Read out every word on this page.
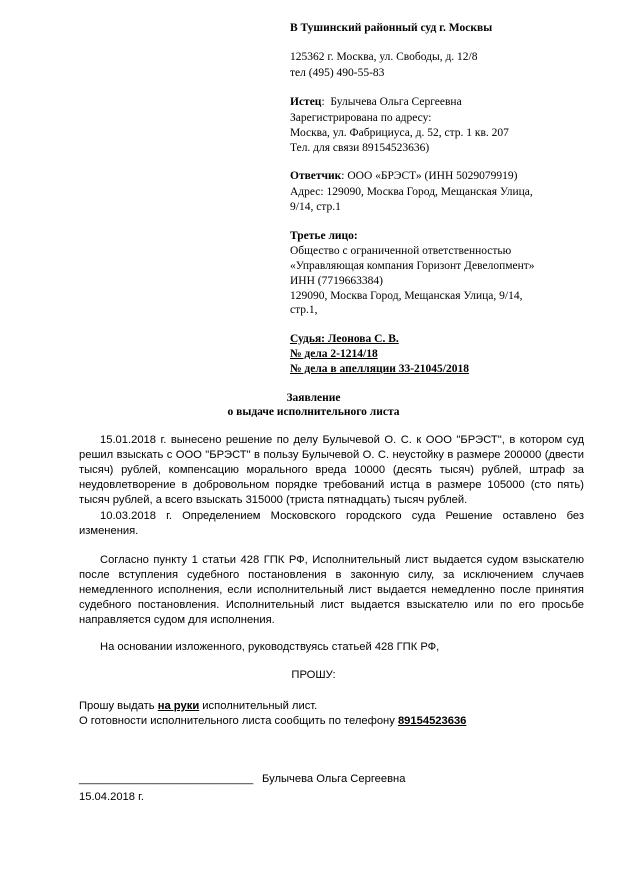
В Тушинский районный суд г. Москвы
125362 г. Москва, ул. Свободы, д. 12/8
тел (495) 490-55-83
Истец:  Булычева Ольга Сергеевна
Зарегистрирована по адресу:
Москва, ул. Фабрициуса, д. 52, стр. 1 кв. 207
Тел. для связи 89154523636)
Ответчик: ООО «БРЭСТ» (ИНН 5029079919)
Адрес: 129090, Москва Город, Мещанская Улица,
9/14, стр.1
Третье лицо:
Общество с ограниченной ответственностью
«Управляющая компания Горизонт Девелопмент»
ИНН (7719663384)
129090, Москва Город, Мещанская Улица, 9/14,
стр.1,
Судья: Леонова С. В.
№ дела 2-1214/18
№ дела в апелляции 33-21045/2018
Заявление
о выдаче исполнительного листа

15.01.2018 г. вынесено решение по делу Булычевой О. С. к ООО "БРЭСТ", в котором суд решил взыскать с ООО "БРЭСТ" в пользу Булычевой О. С. неустойку в размере 200000 (двести тысяч) рублей, компенсацию морального вреда 10000 (десять тысяч) рублей, штраф за неудовлетворение в добровольном порядке требований истца в размере 105000 (сто пять) тысяч рублей, а всего взыскать 315000 (триста пятнадцать) тысяч рублей.

10.03.2018 г. Определением Московского городского суда Решение оставлено без изменения.

Согласно пункту 1 статьи 428 ГПК РФ, Исполнительный лист выдается судом взыскателю после вступления судебного постановления в законную силу, за исключением случаев немедленного исполнения, если исполнительный лист выдается немедленно после принятия судебного постановления. Исполнительный лист выдается взыскателю или по его просьбе направляется судом для исполнения.

На основании изложенного, руководствуясь статьей 428 ГПК РФ,

ПРОШУ:
Прошу выдать на руки исполнительный лист.
О готовности исполнительного листа сообщить по телефону 89154523636
____________________________ Булычева Ольга Сергеевна
15.04.2018 г.
